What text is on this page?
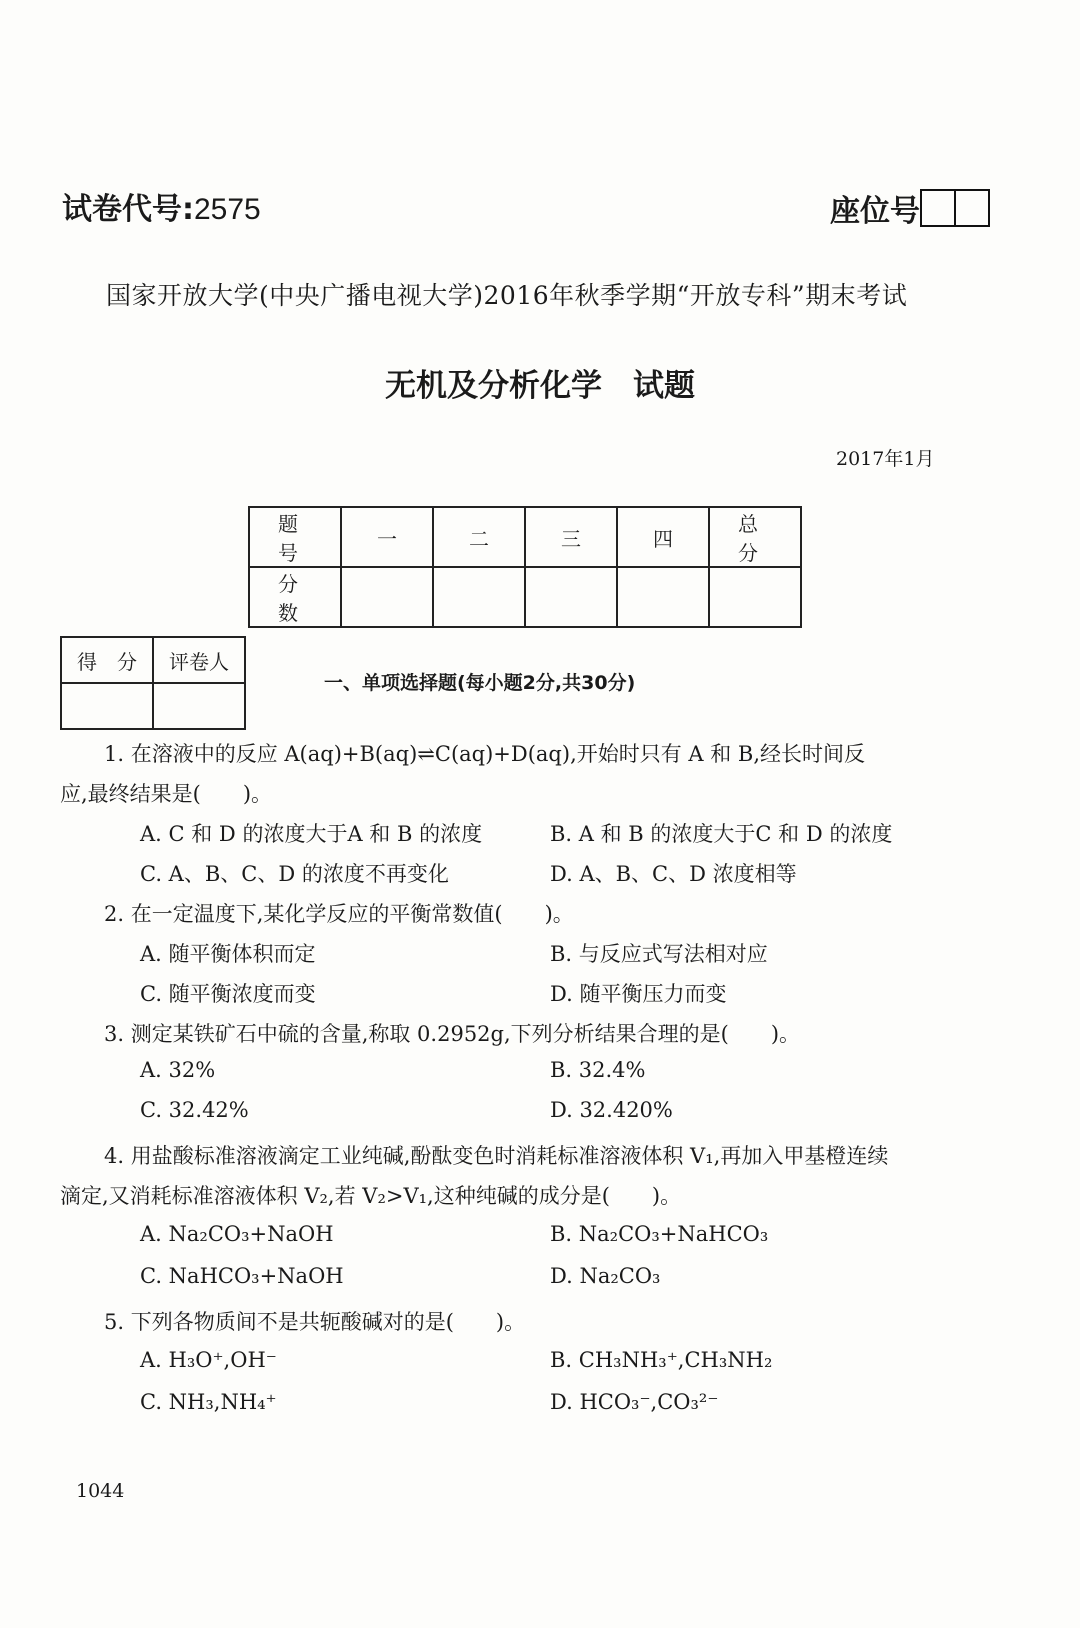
试卷代号:2575	座位号
国家开放大学(中央广播电视大学)2016年秋季学期“开放专科”期末考试
无机及分析化学　试题
2017年1月
题　号	一	二	三	四	总　分
分　数					
得　分	评卷人

一、单项选择题(每小题2分,共30分)
1. 在溶液中的反应 A(aq)+B(aq)⇌C(aq)+D(aq),开始时只有 A 和 B,经长时间反
应,最终结果是(　　)。
A. C 和 D 的浓度大于A 和 B 的浓度	B. A 和 B 的浓度大于C 和 D 的浓度
C. A、B、C、D 的浓度不再变化	D. A、B、C、D 浓度相等
2. 在一定温度下,某化学反应的平衡常数值(　　)。
A. 随平衡体积而定	B. 与反应式写法相对应
C. 随平衡浓度而变	D. 随平衡压力而变
3. 测定某铁矿石中硫的含量,称取 0.2952g,下列分析结果合理的是(　　)。
A. 32%	B. 32.4%
C. 32.42%	D. 32.420%
4. 用盐酸标准溶液滴定工业纯碱,酚酞变色时消耗标准溶液体积 V₁,再加入甲基橙连续
滴定,又消耗标准溶液体积 V₂,若 V₂>V₁,这种纯碱的成分是(　　)。
A. Na₂CO₃+NaOH	B. Na₂CO₃+NaHCO₃
C. NaHCO₃+NaOH	D. Na₂CO₃
5. 下列各物质间不是共轭酸碱对的是(　　)。
A. H₃O⁺,OH⁻	B. CH₃NH₃⁺,CH₃NH₂
C. NH₃,NH₄⁺	D. HCO₃⁻,CO₃²⁻
1044
